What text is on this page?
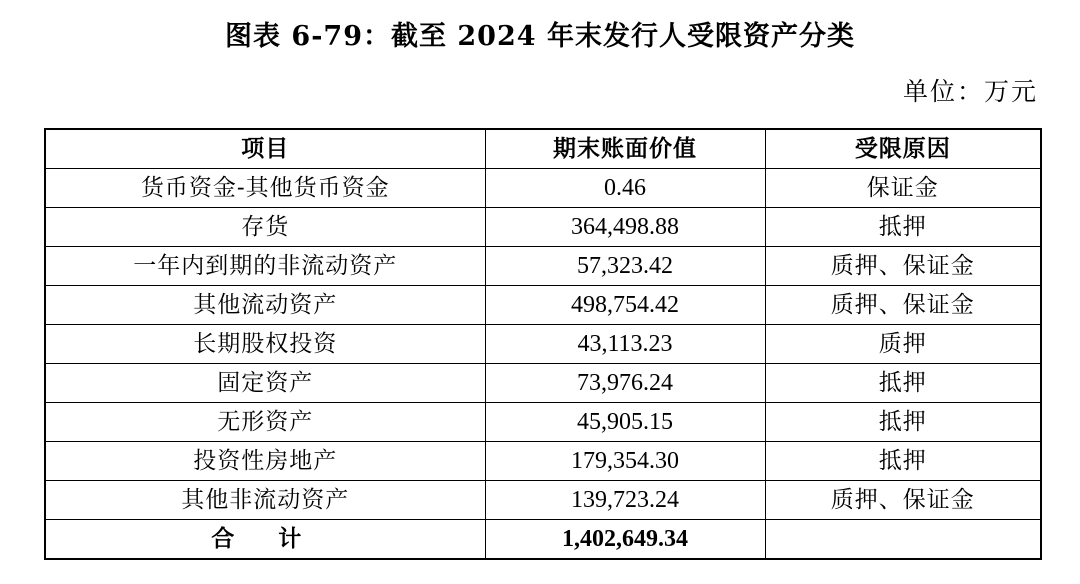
图表 6-79：截至 2024 年末发行人受限资产分类
单位：万元
项目	期末账面价值	受限原因
货币资金-其他货币资金	0.46	保证金
存货	364,498.88	抵押
一年内到期的非流动资产	57,323.42	质押、保证金
其他流动资产	498,754.42	质押、保证金
长期股权投资	43,113.23	质押
固定资产	73,976.24	抵押
无形资产	45,905.15	抵押
投资性房地产	179,354.30	抵押
其他非流动资产	139,723.24	质押、保证金
合 计	1,402,649.34	
